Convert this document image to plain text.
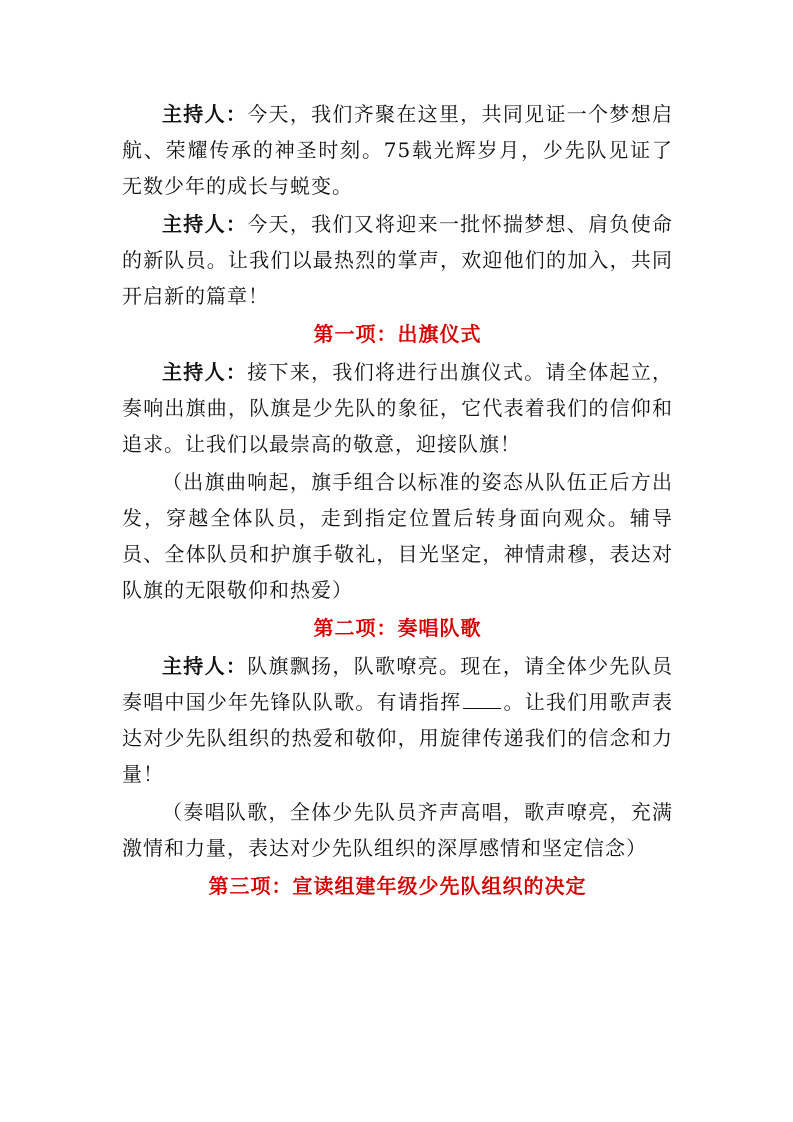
主持人：今天，我们齐聚在这里，共同见证一个梦想启航、荣耀传承的神圣时刻。75载光辉岁月，少先队见证了无数少年的成长与蜕变。

主持人：今天，我们又将迎来一批怀揣梦想、肩负使命的新队员。让我们以最热烈的掌声，欢迎他们的加入，共同开启新的篇章！

第一项：出旗仪式

主持人：接下来，我们将进行出旗仪式。请全体起立，奏响出旗曲，队旗是少先队的象征，它代表着我们的信仰和追求。让我们以最崇高的敬意，迎接队旗！

（出旗曲响起，旗手组合以标准的姿态从队伍正后方出发，穿越全体队员，走到指定位置后转身面向观众。辅导员、全体队员和护旗手敬礼，目光坚定，神情肃穆，表达对队旗的无限敬仰和热爱）

第二项：奏唱队歌

主持人：队旗飘扬，队歌嘹亮。现在，请全体少先队员奏唱中国少年先锋队队歌。有请指挥 。让我们用歌声表达对少先队组织的热爱和敬仰，用旋律传递我们的信念和力量！

（奏唱队歌，全体少先队员齐声高唱，歌声嘹亮，充满激情和力量，表达对少先队组织的深厚感情和坚定信念）

第三项：宣读组建年级少先队组织的决定
